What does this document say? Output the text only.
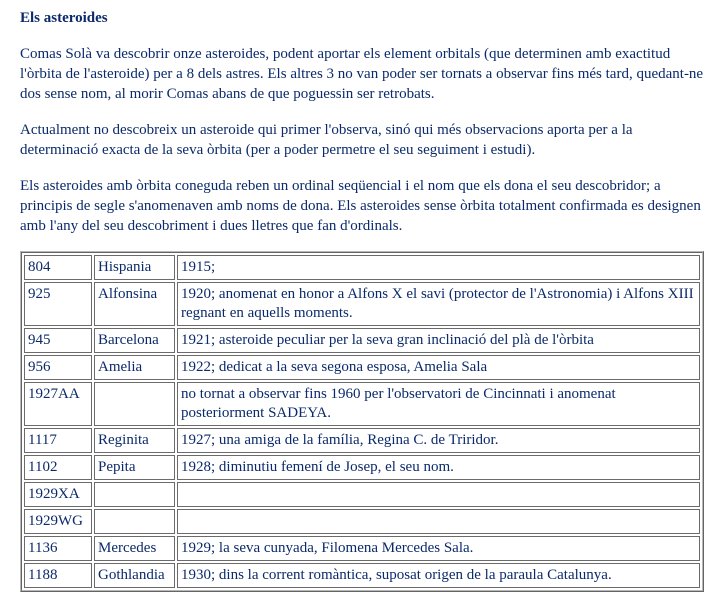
Els asteroides

Comas Solà va descobrir onze asteroides, podent aportar els element orbitals (que determinen amb exactitud l'òrbita de l'asteroide) per a 8 dels astres. Els altres 3 no van poder ser tornats a observar fins més tard, quedant-ne dos sense nom, al morir Comas abans de que poguessin ser retrobats.

Actualment no descobreix un asteroide qui primer l'observa, sinó qui més observacions aporta per a la determinació exacta de la seva òrbita (per a poder permetre el seu seguiment i estudi).

Els asteroides amb òrbita coneguda reben un ordinal seqüencial i el nom que els dona el seu descobridor; a principis de segle s'anomenaven amb noms de dona. Els asteroides sense òrbita totalment confirmada es designen amb l'any del seu descobriment i dues lletres que fan d'ordinals.

804	Hispania	1915;
925	Alfonsina	1920; anomenat en honor a Alfons X el savi (protector de l'Astronomia) i Alfons XIII regnant en aquells moments.
945	Barcelona	1921; asteroide peculiar per la seva gran inclinació del plà de l'òrbita
956	Amelia	1922; dedicat a la seva segona esposa, Amelia Sala
1927AA		no tornat a observar fins 1960 per l'observatori de Cincinnati i anomenat posteriorment SADEYA.
1117	Reginita	1927; una amiga de la família, Regina C. de Triridor.
1102	Pepita	1928; diminutiu femení de Josep, el seu nom.
1929XA		
1929WG		
1136	Mercedes	1929; la seva cunyada, Filomena Mercedes Sala.
1188	Gothlandia	1930; dins la corrent romàntica, suposat origen de la paraula Catalunya.
